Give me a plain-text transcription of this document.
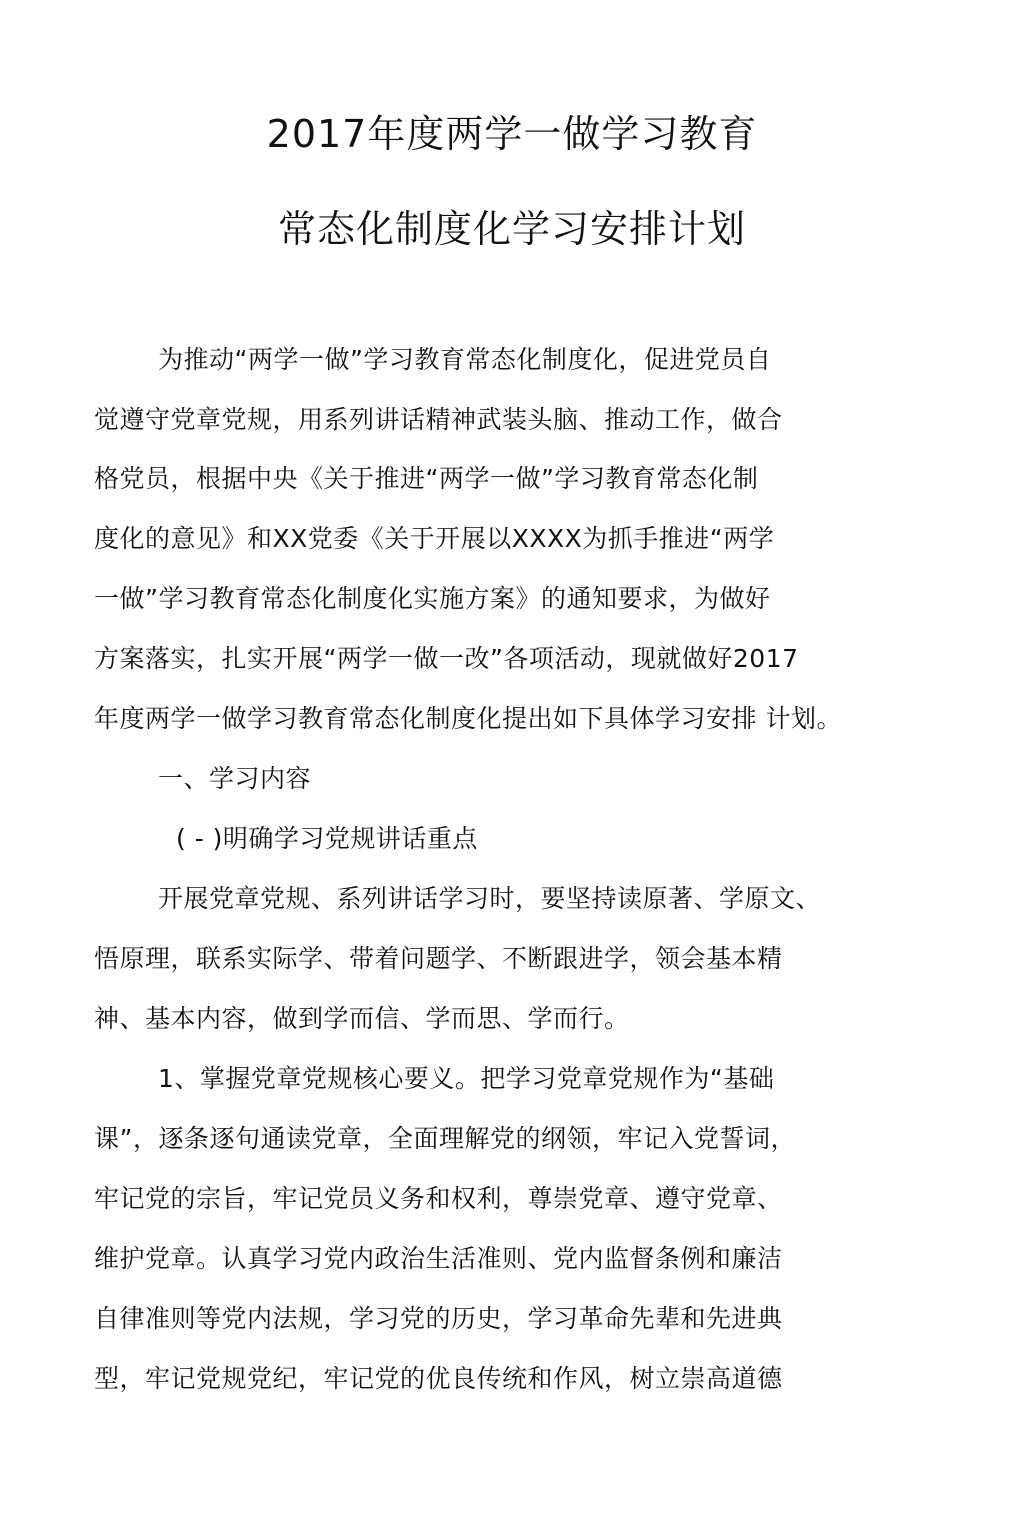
2017年度两学一做学习教育
常态化制度化学习安排计划

为推动“两学一做”学习教育常态化制度化，促进党员自

觉遵守党章党规，用系列讲话精神武装头脑、推动工作，做合

格党员，根据中央《关于推进“两学一做”学习教育常态化制

度化的意见》和XX党委《关于开展以XXXX为抓手推进“两学

一做”学习教育常态化制度化实施方案》的通知要求，为做好

方案落实，扎实开展“两学一做一改”各项活动，现就做好2017

年度两学一做学习教育常态化制度化提出如下具体学习安排 计划。

一、学习内容

( - )明确学习党规讲话重点

开展党章党规、系列讲话学习时，要坚持读原著、学原文、

悟原理，联系实际学、带着问题学、不断跟进学，领会基本精

神、基本内容，做到学而信、学而思、学而行。

1、掌握党章党规核心要义。把学习党章党规作为“基础

课”，逐条逐句通读党章，全面理解党的纲领，牢记入党誓词，

牢记党的宗旨，牢记党员义务和权利，尊崇党章、遵守党章、

维护党章。认真学习党内政治生活准则、党内监督条例和廉洁

自律准则等党内法规，学习党的历史，学习革命先辈和先进典

型，牢记党规党纪，牢记党的优良传统和作风，树立崇高道德
